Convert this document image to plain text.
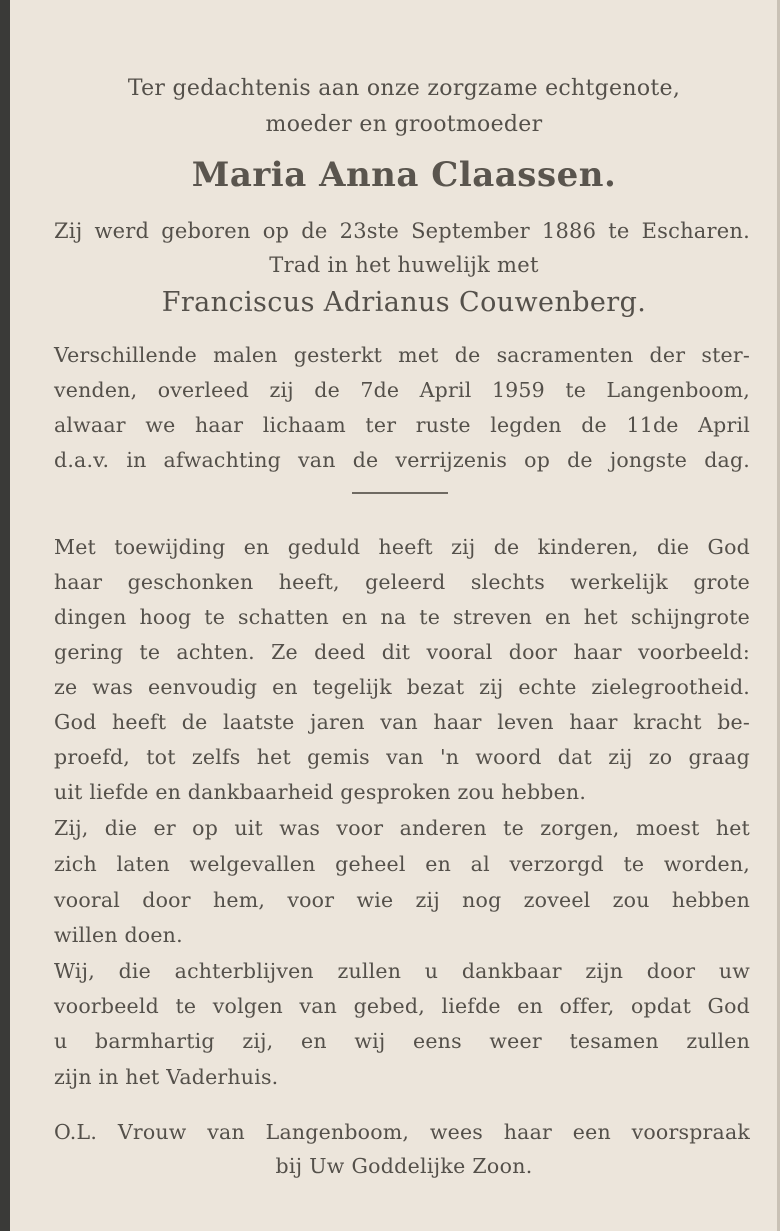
Ter gedachtenis aan onze zorgzame echtgenote,
moeder en grootmoeder
Maria Anna Claassen.
Zij werd geboren op de 23ste September 1886 te Escharen.
Trad in het huwelijk met
Franciscus Adrianus Couwenberg.
Verschillende malen gesterkt met de sacramenten der ster-
venden, overleed zij de 7de April 1959 te Langenboom,
alwaar we haar lichaam ter ruste legden de 11de April
d.a.v. in afwachting van de verrijzenis op de jongste dag.
Met toewijding en geduld heeft zij de kinderen, die God
haar geschonken heeft, geleerd slechts werkelijk grote
dingen hoog te schatten en na te streven en het schijngrote
gering te achten. Ze deed dit vooral door haar voorbeeld:
ze was eenvoudig en tegelijk bezat zij echte zielegrootheid.
God heeft de laatste jaren van haar leven haar kracht be-
proefd, tot zelfs het gemis van 'n woord dat zij zo graag
uit liefde en dankbaarheid gesproken zou hebben.
Zij, die er op uit was voor anderen te zorgen, moest het
zich laten welgevallen geheel en al verzorgd te worden,
vooral door hem, voor wie zij nog zoveel zou hebben
willen doen.
Wij, die achterblijven zullen u dankbaar zijn door uw
voorbeeld te volgen van gebed, liefde en offer, opdat God
u barmhartig zij, en wij eens weer tesamen zullen
zijn in het Vaderhuis.
O.L. Vrouw van Langenboom, wees haar een voorspraak
bij Uw Goddelijke Zoon.
